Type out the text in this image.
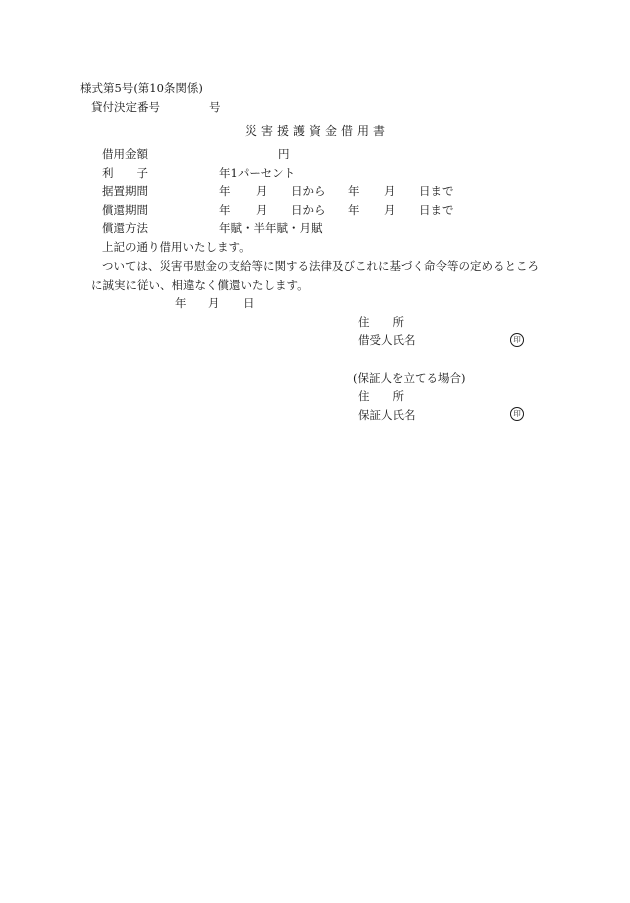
様式第5号(第10条関係)
貸付決定番号	号
災害援護資金借用書
借用金額	円
利　　子	年1パーセント
据置期間	年 月 日から 年 月 日まで
償還期間	年 月 日から 年 月 日まで
償還方法	年賦・半年賦・月賦
上記の通り借用いたします。
ついては、災害弔慰金の支給等に関する法律及びこれに基づく命令等の定めるところ
に誠実に従い、相違なく償還いたします。
年 月 日
住　　所
借受人氏名	印
(保証人を立てる場合)
住　　所
保証人氏名	印
